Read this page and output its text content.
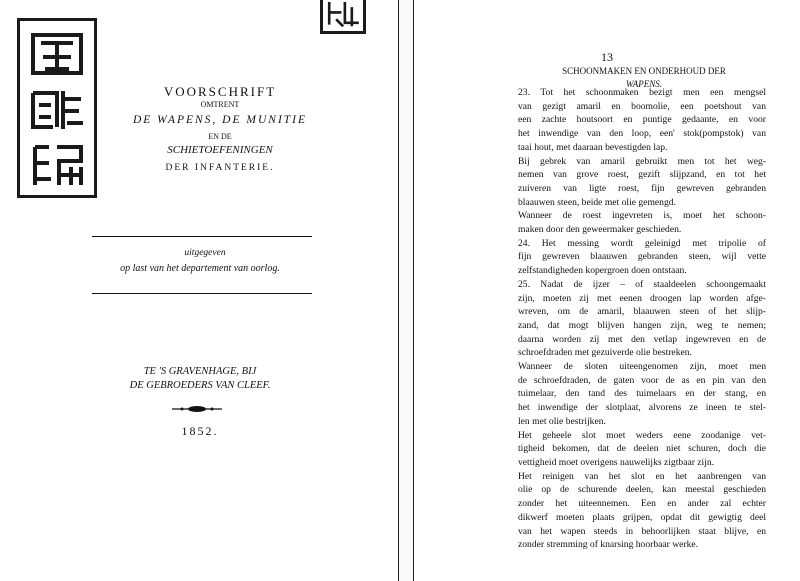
VOORSCHRIFT
OMTRENT
DE WAPENS, DE MUNITIE
EN DE
SCHIETOEFENINGEN
DER INFANTERIE.
uitgegeven
op last van het departement van oorlog.
TE 'S GRAVENHAGE, BIJ
DE GEBROEDERS VAN CLEEF.
1852.
13
SCHOONMAKEN EN ONDERHOUD DER
WAPENS.

23. Tot het schoonmaken bezigt men een mengsel
van gezigt amaril en boomolie, een poetshout van
een zachte houtsoort en puntige gedaante, en voor
het inwendige van den loop, een' stok(pompstok) van
taai hout, met daaraan bevestigden lap.

Bij gebrek van amaril gebruikt men tot het weg-
nemen van grove roest, gezift slijpzand, en tot het
zuiveren van ligte roest, fijn gewreven gebranden
blaauwen steen, beide met olie gemengd.

Wanneer de roest ingevreten is, moet het schoon-
maken door den geweermaker geschieden.

24. Het messing wordt geleinigd met tripolie of
fijn gewreven blaauwen gebranden steen, wijl vette
zelfstandigheden kopergroen doen ontstaan.

25. Nadat de ijzer – of staaldeelen schoongemaakt
zijn, moeten zij met eenen droogen lap worden afge-
wreven, om de amaril, blaauwen steen of het slijp-
zand, dat mogt blijven hangen zijn, weg te nemen;
daarna worden zij met den vetlap ingewreven en de
schroefdraden met gezuiverde olie bestreken.

Wanneer de sloten uiteengenomen zijn, moet men
de schroefdraden, de gaten voor de as en pin van den
tuimelaar, den tand des tuimelaars en der stang, en
het inwendige der slotplaat, alvorens ze ineen te stel-
len met olie bestrijken.

Het geheele slot moet weders eene zoodanige vet-
tigheid bekomen, dat de deelen niet schuren, doch die
vettigheid moet overigens nauwelijks zigtbaar zijn.

Het reinigen van het slot en het aanbrengen van
olie op de schurende deelen, kan meestal geschieden
zonder het uiteennemen. Een en ander zal echter
dikwerf moeten plaats grijpen, opdat dit gewigtig deel
van het wapen steeds in behoorlijken staat blijve, en
zonder stremming of knarsing hoorbaar werke.
